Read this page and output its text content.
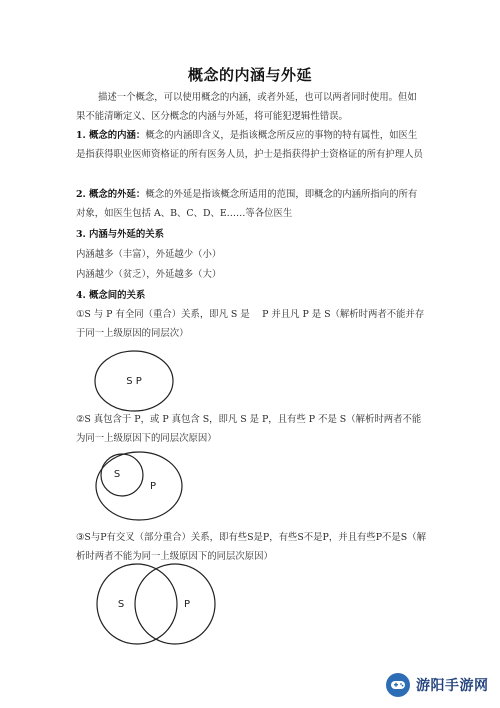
概念的内涵与外延
描述一个概念，可以使用概念的内涵，或者外延，也可以两者同时使用。但如果不能清晰定义、区分概念的内涵与外延，将可能犯逻辑性错误。
1. 概念的内涵：概念的内涵即含义，是指该概念所反应的事物的特有属性，如医生是指获得职业医师资格证的所有医务人员，护士是指获得护士资格证的所有护理人员
2. 概念的外延：概念的外延是指该概念所适用的范围，即概念的内涵所指向的所有对象，如医生包括 A、B、C、D、E……等各位医生
3. 内涵与外延的关系
内涵越多（丰富），外延越少（小）
内涵越少（贫乏），外延越多（大）
4. 概念间的关系
①S 与 P 有全同（重合）关系，即凡 S 是　 P 并且凡 P 是 S（解析时两者不能并存于同一上级原因的同层次）
S P
②S 真包含于 P，或 P 真包含 S，即凡 S 是 P，且有些 P 不是 S（解析时两者不能为同一上级原因下的同层次原因）
S
P
③S与P有交叉（部分重合）关系，即有些S是P，有些S不是P，并且有些P不是S（解析时两者不能为同一上级原因下的同层次原因）
S	P
游阳手游网
